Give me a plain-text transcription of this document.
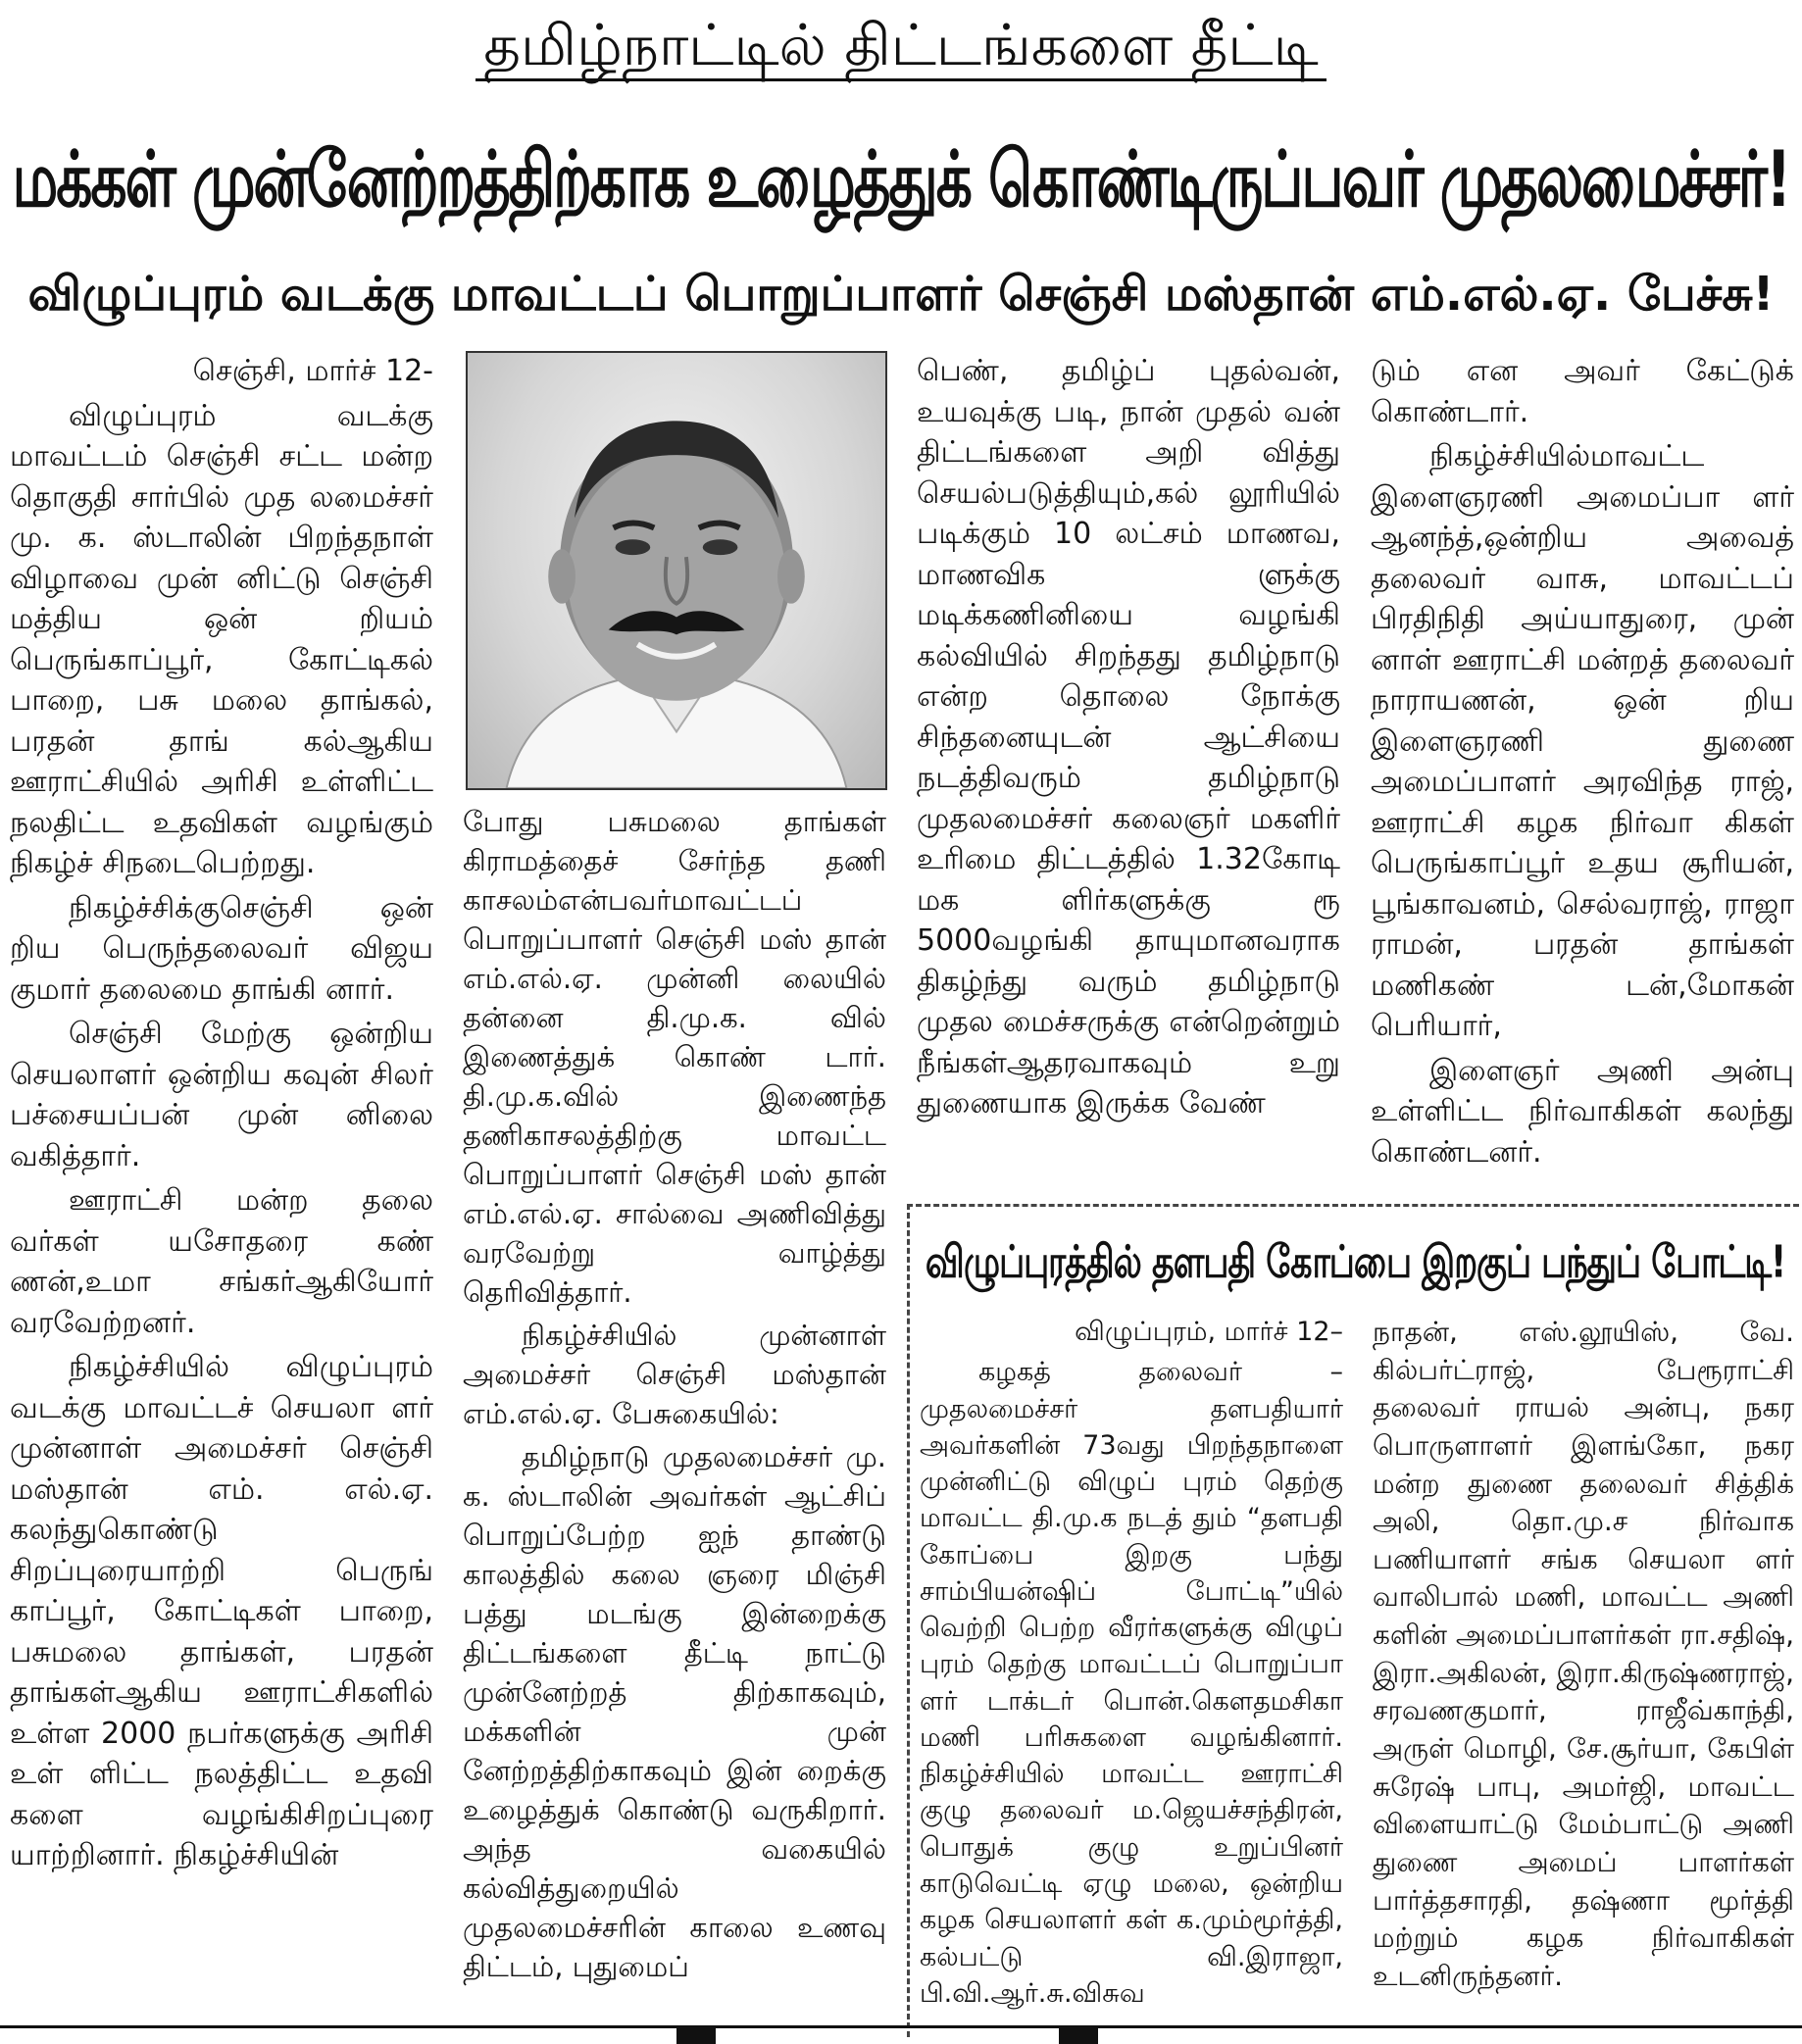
தமிழ்நாட்டில் திட்டங்களை தீட்டி
மக்கள் முன்னேற்றத்திற்காக உழைத்துக் கொண்டிருப்பவர் முதலமைச்சர்!
விழுப்புரம் வடக்கு மாவட்டப் பொறுப்பாளர் செஞ்சி மஸ்தான் எம்.எல்.ஏ. பேச்சு!

செஞ்சி, மார்ச் 12-

விழுப்புரம் வடக்கு மாவட்டம் செஞ்சி சட்ட மன்ற தொகுதி சார்பில் முத லமைச்சர் மு. க. ஸ்டாலின் பிறந்தநாள் விழாவை முன் னிட்டு செஞ்சி மத்திய ஒன் றியம் பெருங்காப்பூர், கோட்டிகல் பாறை, பசு மலை தாங்கல், பரதன் தாங் கல்ஆகிய ஊராட்சியில் அரிசி உள்ளிட்ட நலதிட்ட உதவிகள் வழங்கும் நிகழ்ச் சிநடைபெற்றது.

நிகழ்ச்சிக்குசெஞ்சி ஒன் றிய பெருந்தலைவர் விஜய குமார் தலைமை தாங்கி னார்.

செஞ்சி மேற்கு ஒன்றிய செயலாளர் ஒன்றிய கவுன் சிலர் பச்சையப்பன் முன் னிலை வகித்தார்.

ஊராட்சி மன்ற தலை வர்கள் யசோதரை கண் ணன்,உமா சங்கர்ஆகியோர் வரவேற்றனர்.

நிகழ்ச்சியில் விழுப்புரம் வடக்கு மாவட்டச் செயலா ளர் முன்னாள் அமைச்சர் செஞ்சி மஸ்தான் எம். எல்.ஏ. கலந்துகொண்டு சிறப்புரையாற்றி பெருங் காப்பூர், கோட்டிகள் பாறை, பசுமலை தாங்கள், பரதன் தாங்கள்ஆகிய ஊராட்சிகளில் உள்ள 2000 நபர்களுக்கு அரிசி உள் ளிட்ட நலத்திட்ட உதவி களை வழங்கிசிறப்புரை யாற்றினார். நிகழ்ச்சியின்

போது பசுமலை தாங்கள் கிராமத்தைச் சேர்ந்த தணி காசலம்என்பவர்மாவட்டப் பொறுப்பாளர் செஞ்சி மஸ் தான் எம்.எல்.ஏ. முன்னி லையில் தன்னை தி.மு.க. வில் இணைத்துக் கொண் டார். தி.மு.க.வில் இணைந்த தணிகாசலத்திற்கு மாவட்ட பொறுப்பாளர் செஞ்சி மஸ் தான் எம்.எல்.ஏ. சால்வை அணிவித்து வரவேற்று வாழ்த்து தெரிவித்தார்.

நிகழ்ச்சியில் முன்னாள் அமைச்சர் செஞ்சி மஸ்தான் எம்.எல்.ஏ. பேசுகையில்:

தமிழ்நாடு முதலமைச்சர் மு. க. ஸ்டாலின் அவர்கள் ஆட்சிப் பொறுப்பேற்ற ஐந் தாண்டு காலத்தில் கலை ஞரை மிஞ்சி பத்து மடங்கு இன்றைக்கு திட்டங்களை தீட்டி நாட்டு முன்னேற்றத் திற்காகவும், மக்களின் முன் னேற்றத்திற்காகவும் இன் றைக்கு உழைத்துக் கொண்டு வருகிறார். அந்த வகையில் கல்வித்துறையில் முதலமைச்சரின் காலை உணவு திட்டம், புதுமைப்

பெண், தமிழ்ப் புதல்வன், உயவுக்கு படி, நான் முதல் வன் திட்டங்களை அறி வித்து செயல்படுத்தியும்,கல் லூரியில் படிக்கும் 10 லட்சம் மாணவ, மாணவிக ளுக்கு மடிக்கணினியை வழங்கி கல்வியில் சிறந்தது தமிழ்நாடு என்ற தொலை நோக்கு சிந்தனையுடன் ஆட்சியை நடத்திவரும் தமிழ்நாடு முதலமைச்சர் கலைஞர் மகளிர் உரிமை திட்டத்தில் 1.32கோடி மக ளிர்களுக்கு ரூ 5000வழங்கி தாயுமானவராக திகழ்ந்து வரும் தமிழ்நாடு முதல மைச்சருக்கு என்றென்றும் நீங்கள்ஆதரவாகவும் உறு துணையாக இருக்க வேண்

டும் என அவர் கேட்டுக் கொண்டார்.

நிகழ்ச்சியில்மாவட்ட இளைஞரணி அமைப்பா ளர் ஆனந்த்,ஒன்றிய அவைத் தலைவர் வாசு, மாவட்டப் பிரதிநிதி அய்யாதுரை, முன் னாள் ஊராட்சி மன்றத் தலைவர் நாராயணன், ஒன் றிய இளைஞரணி துணை அமைப்பாளர் அரவிந்த ராஜ், ஊராட்சி கழக நிர்வா கிகள் பெருங்காப்பூர் உதய சூரியன், பூங்காவனம், செல்வராஜ், ராஜா ராமன், பரதன் தாங்கள் மணிகண் டன்,மோகன் பெரியார்,

இளைஞர் அணி அன்பு உள்ளிட்ட நிர்வாகிகள் கலந்து கொண்டனர்.

விழுப்புரத்தில் தளபதி கோப்பை இறகுப் பந்துப் போட்டி!

விழுப்புரம், மார்ச் 12–

கழகத் தலைவர் – முதலமைச்சர் தளபதியார் அவர்களின் 73வது பிறந்தநாளை முன்னிட்டு விழுப் புரம் தெற்கு மாவட்ட தி.மு.க நடத் தும் “தளபதி கோப்பை இறகு பந்து சாம்பியன்ஷிப் போட்டி”யில் வெற்றி பெற்ற வீரர்களுக்கு விழுப் புரம் தெற்கு மாவட்டப் பொறுப்பா ளர் டாக்டர் பொன்.கௌதமசிகா மணி பரிசுகளை வழங்கினார். நிகழ்ச்சியில் மாவட்ட ஊராட்சி குழு தலைவர் ம.ஜெயச்சந்திரன், பொதுக் குழு உறுப்பினர் காடுவெட்டி ஏழு மலை, ஒன்றிய கழக செயலாளர் கள் க.மும்மூர்த்தி, கல்பட்டு வி.இராஜா, பி.வி.ஆர்.சு.விசுவ

நாதன், எஸ்.லூயிஸ், வே. கில்பர்ட்ராஜ், பேரூராட்சி தலைவர் ராயல் அன்பு, நகர பொருளாளர் இளங்கோ, நகர மன்ற துணை தலைவர் சித்திக் அலி, தொ.மு.ச நிர்வாக பணியாளர் சங்க செயலா ளர் வாலிபால் மணி, மாவட்ட அணி களின் அமைப்பாளர்கள் ரா.சதிஷ், இரா.அகிலன், இரா.கிருஷ்ணராஜ், சரவணகுமார், ராஜீவ்காந்தி, அருள் மொழி, சே.சூர்யா, கேபிள் சுரேஷ் பாபு, அமர்ஜி, மாவட்ட விளையாட்டு மேம்பாட்டு அணி துணை அமைப் பாளர்கள் பார்த்தசாரதி, தஷ்ணா மூர்த்தி மற்றும் கழக நிர்வாகிகள் உடனிருந்தனர்.
